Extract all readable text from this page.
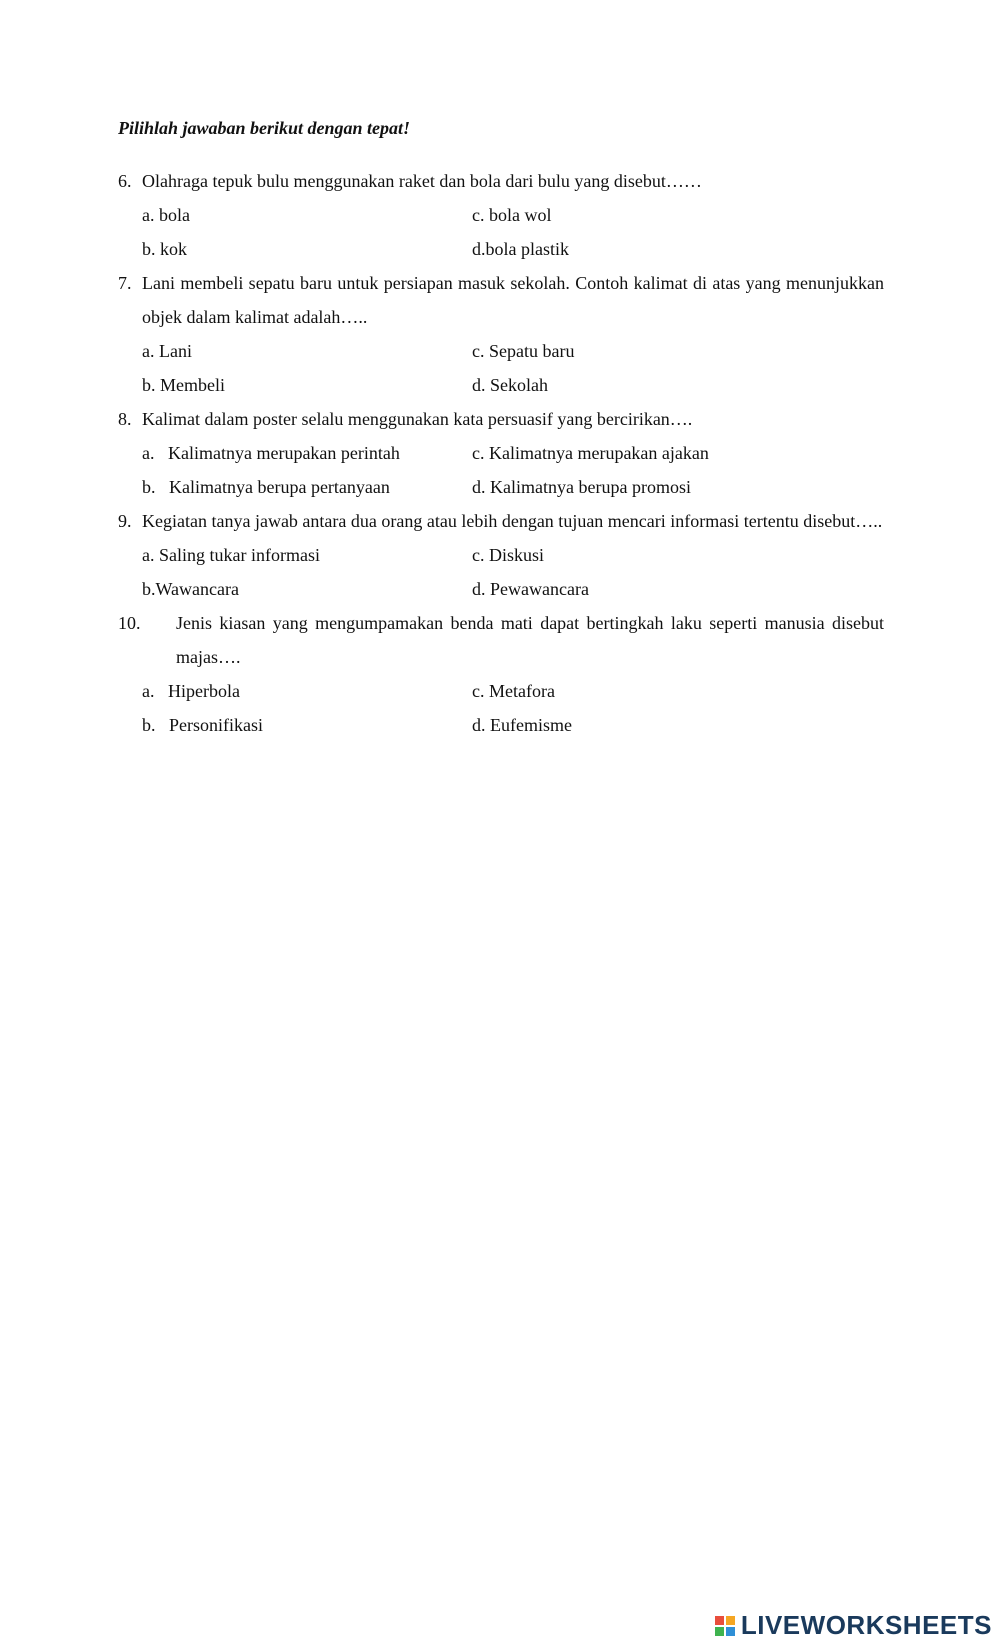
Pilihlah jawaban berikut dengan tepat!
6. Olahraga tepuk bulu menggunakan raket dan bola dari bulu yang disebut……
a. bola	c. bola wol
b. kok	d.bola plastik
7. Lani membeli sepatu baru untuk persiapan masuk sekolah. Contoh kalimat di atas yang menunjukkan objek dalam kalimat adalah…..
a. Lani	c. Sepatu baru
b. Membeli	d. Sekolah
8. Kalimat dalam poster selalu menggunakan kata persuasif yang bercirikan….
a.   Kalimatnya merupakan perintah	c. Kalimatnya merupakan ajakan
b.   Kalimatnya berupa pertanyaan	d. Kalimatnya berupa promosi
9. Kegiatan tanya jawab antara dua orang atau lebih dengan tujuan mencari informasi tertentu disebut…..
a. Saling tukar informasi	c. Diskusi
b.Wawancara	d. Pewawancara
10.	Jenis kiasan yang mengumpamakan benda mati dapat bertingkah laku seperti manusia disebut majas….
a.   Hiperbola	c. Metafora
b.   Personifikasi	d. Eufemisme
LIVEWORKSHEETS
